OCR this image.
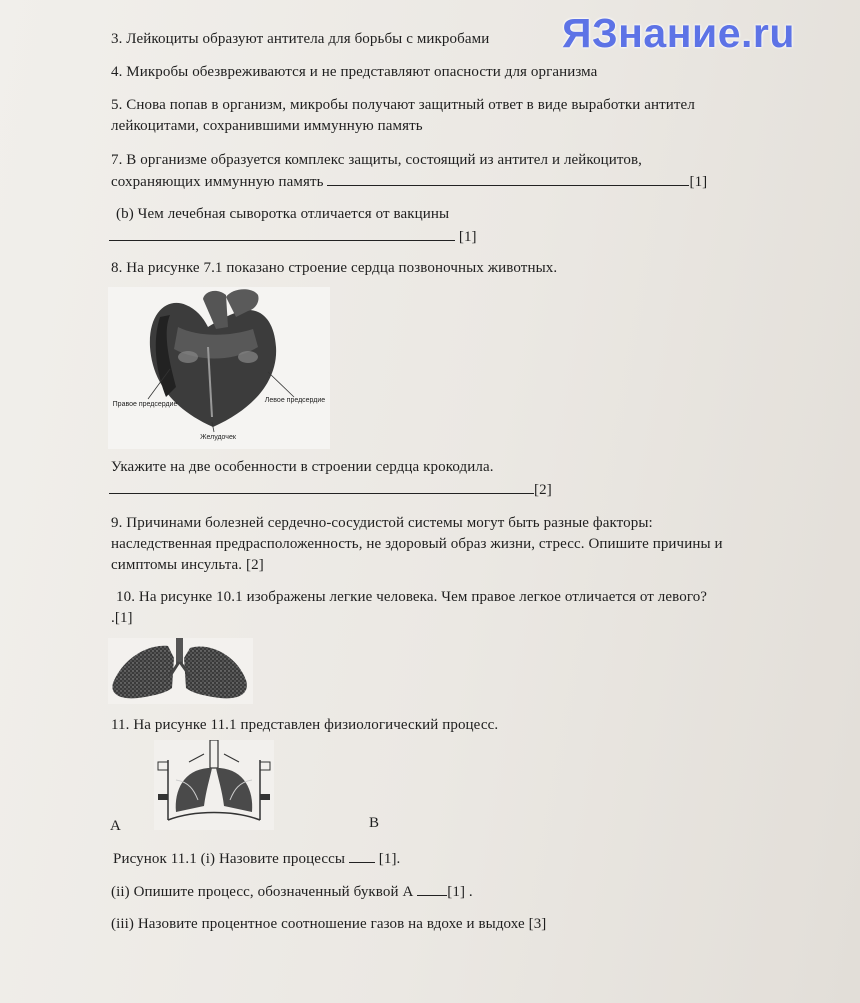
ЯЗнание.ru
3. Лейкоциты образуют антитела для борьбы с микробами
4. Микробы обезвреживаются и не представляют опасности для организма
5. Снова попав в организм, микробы получают защитный ответ в виде выработки антител
лейкоцитами, сохранившими иммунную память
7. В организме образуется комплекс защиты, состоящий из антител и лейкоцитов,
сохраняющих иммунную память	[1]
(b) Чем лечебная сыворотка отличается от вакцины
[1]
8. На рисунке 7.1 показано строение сердца позвоночных животных.
Правое предсердие
Левое предсердие
Желудочек
Укажите на две особенности в строении сердца крокодила.
[2]
9. Причинами болезней сердечно-сосудистой системы могут быть разные факторы:
наследственная предрасположенность, не здоровый образ жизни, стресс. Опишите причины и
симптомы инсульта. [2]
10. На рисунке 10.1 изображены легкие человека. Чем правое легкое отличается от левого?
.[1]
11. На рисунке 11.1 представлен физиологический процесс.
А	В
Рисунок 11.1 (i) Назовите процессы [1].
(ii) Опишите процесс, обозначенный буквой А [1] .
(iii) Назовите процентное соотношение газов на вдохе и выдохе [3]
